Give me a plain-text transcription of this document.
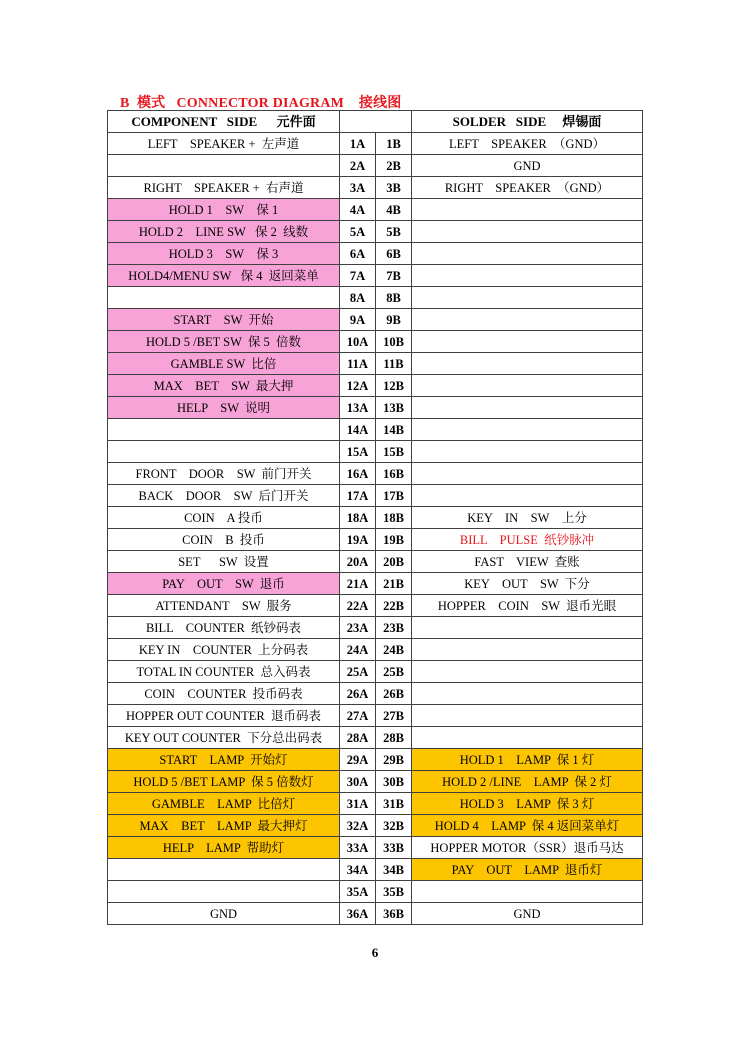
B  模式   CONNECTOR DIAGRAM    接线图
COMPONENT   SIDE      元件面			SOLDER   SIDE     焊锡面
LEFT    SPEAKER +  左声道	1A	1B	LEFT    SPEAKER  （GND）
	2A	2B	GND
RIGHT    SPEAKER +  右声道	3A	3B	RIGHT    SPEAKER  （GND）
HOLD 1    SW    保 1	4A	4B	
HOLD 2    LINE SW   保 2  线数	5A	5B	
HOLD 3    SW    保 3	6A	6B	
HOLD4/MENU SW   保 4  返回菜单	7A	7B	
	8A	8B	
START    SW  开始	9A	9B	
HOLD 5 /BET SW  保 5  倍数	10A	10B	
GAMBLE SW  比倍	11A	11B	
MAX    BET    SW  最大押	12A	12B	
HELP    SW  说明	13A	13B	
	14A	14B	
	15A	15B	
FRONT    DOOR    SW  前门开关	16A	16B	
BACK    DOOR    SW  后门开关	17A	17B	
COIN    A 投币	18A	18B	KEY    IN    SW    上分
COIN    B  投币	19A	19B	BILL    PULSE  纸钞脉冲
SET      SW  设置	20A	20B	FAST    VIEW  查账
PAY    OUT    SW  退币	21A	21B	KEY    OUT    SW  下分
ATTENDANT    SW  服务	22A	22B	HOPPER    COIN    SW  退币光眼
BILL    COUNTER  纸钞码表	23A	23B	
KEY IN    COUNTER  上分码表	24A	24B	
TOTAL IN COUNTER  总入码表	25A	25B	
COIN    COUNTER  投币码表	26A	26B	
HOPPER OUT COUNTER  退币码表	27A	27B	
KEY OUT COUNTER  下分总出码表	28A	28B	
START    LAMP  开始灯	29A	29B	HOLD 1    LAMP  保 1 灯
HOLD 5 /BET LAMP  保 5 倍数灯	30A	30B	HOLD 2 /LINE    LAMP  保 2 灯
GAMBLE    LAMP  比倍灯	31A	31B	HOLD 3    LAMP  保 3 灯
MAX    BET    LAMP  最大押灯	32A	32B	HOLD 4    LAMP  保 4 返回菜单灯
HELP    LAMP  帮助灯	33A	33B	HOPPER MOTOR（SSR）退币马达
	34A	34B	PAY    OUT    LAMP  退币灯
	35A	35B	
GND	36A	36B	GND
6
